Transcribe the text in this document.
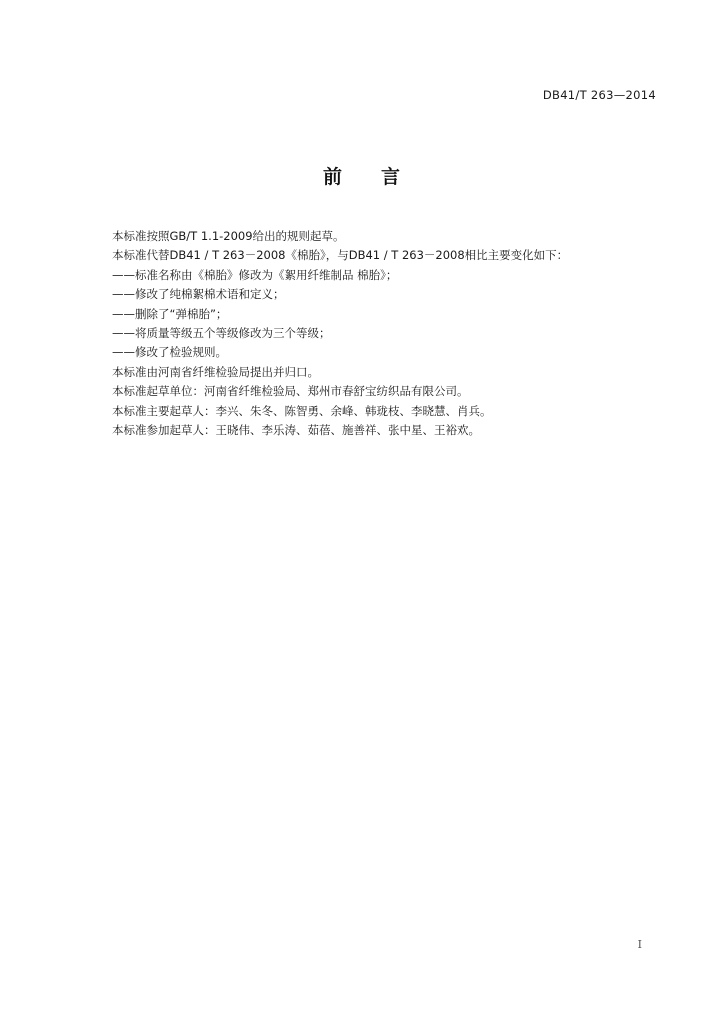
DB41/T 263—2014
前 言
本标准按照GB/T 1.1-2009给出的规则起草。
本标准代替DB41 / T 263－2008《棉胎》，与DB41 / T 263－2008相比主要变化如下：
——标准名称由《棉胎》修改为《絮用纤维制品 棉胎》；
——修改了纯棉絮棉术语和定义；
——删除了“弹棉胎”；
——将质量等级五个等级修改为三个等级；
——修改了检验规则。
本标准由河南省纤维检验局提出并归口。
本标准起草单位：河南省纤维检验局、郑州市春舒宝纺织品有限公司。
本标准主要起草人：李兴、朱冬、陈智勇、余峰、韩珑枝、李晓慧、肖兵。
本标准参加起草人：王晓伟、李乐涛、茹蓓、施善祥、张中星、王裕欢。
I
